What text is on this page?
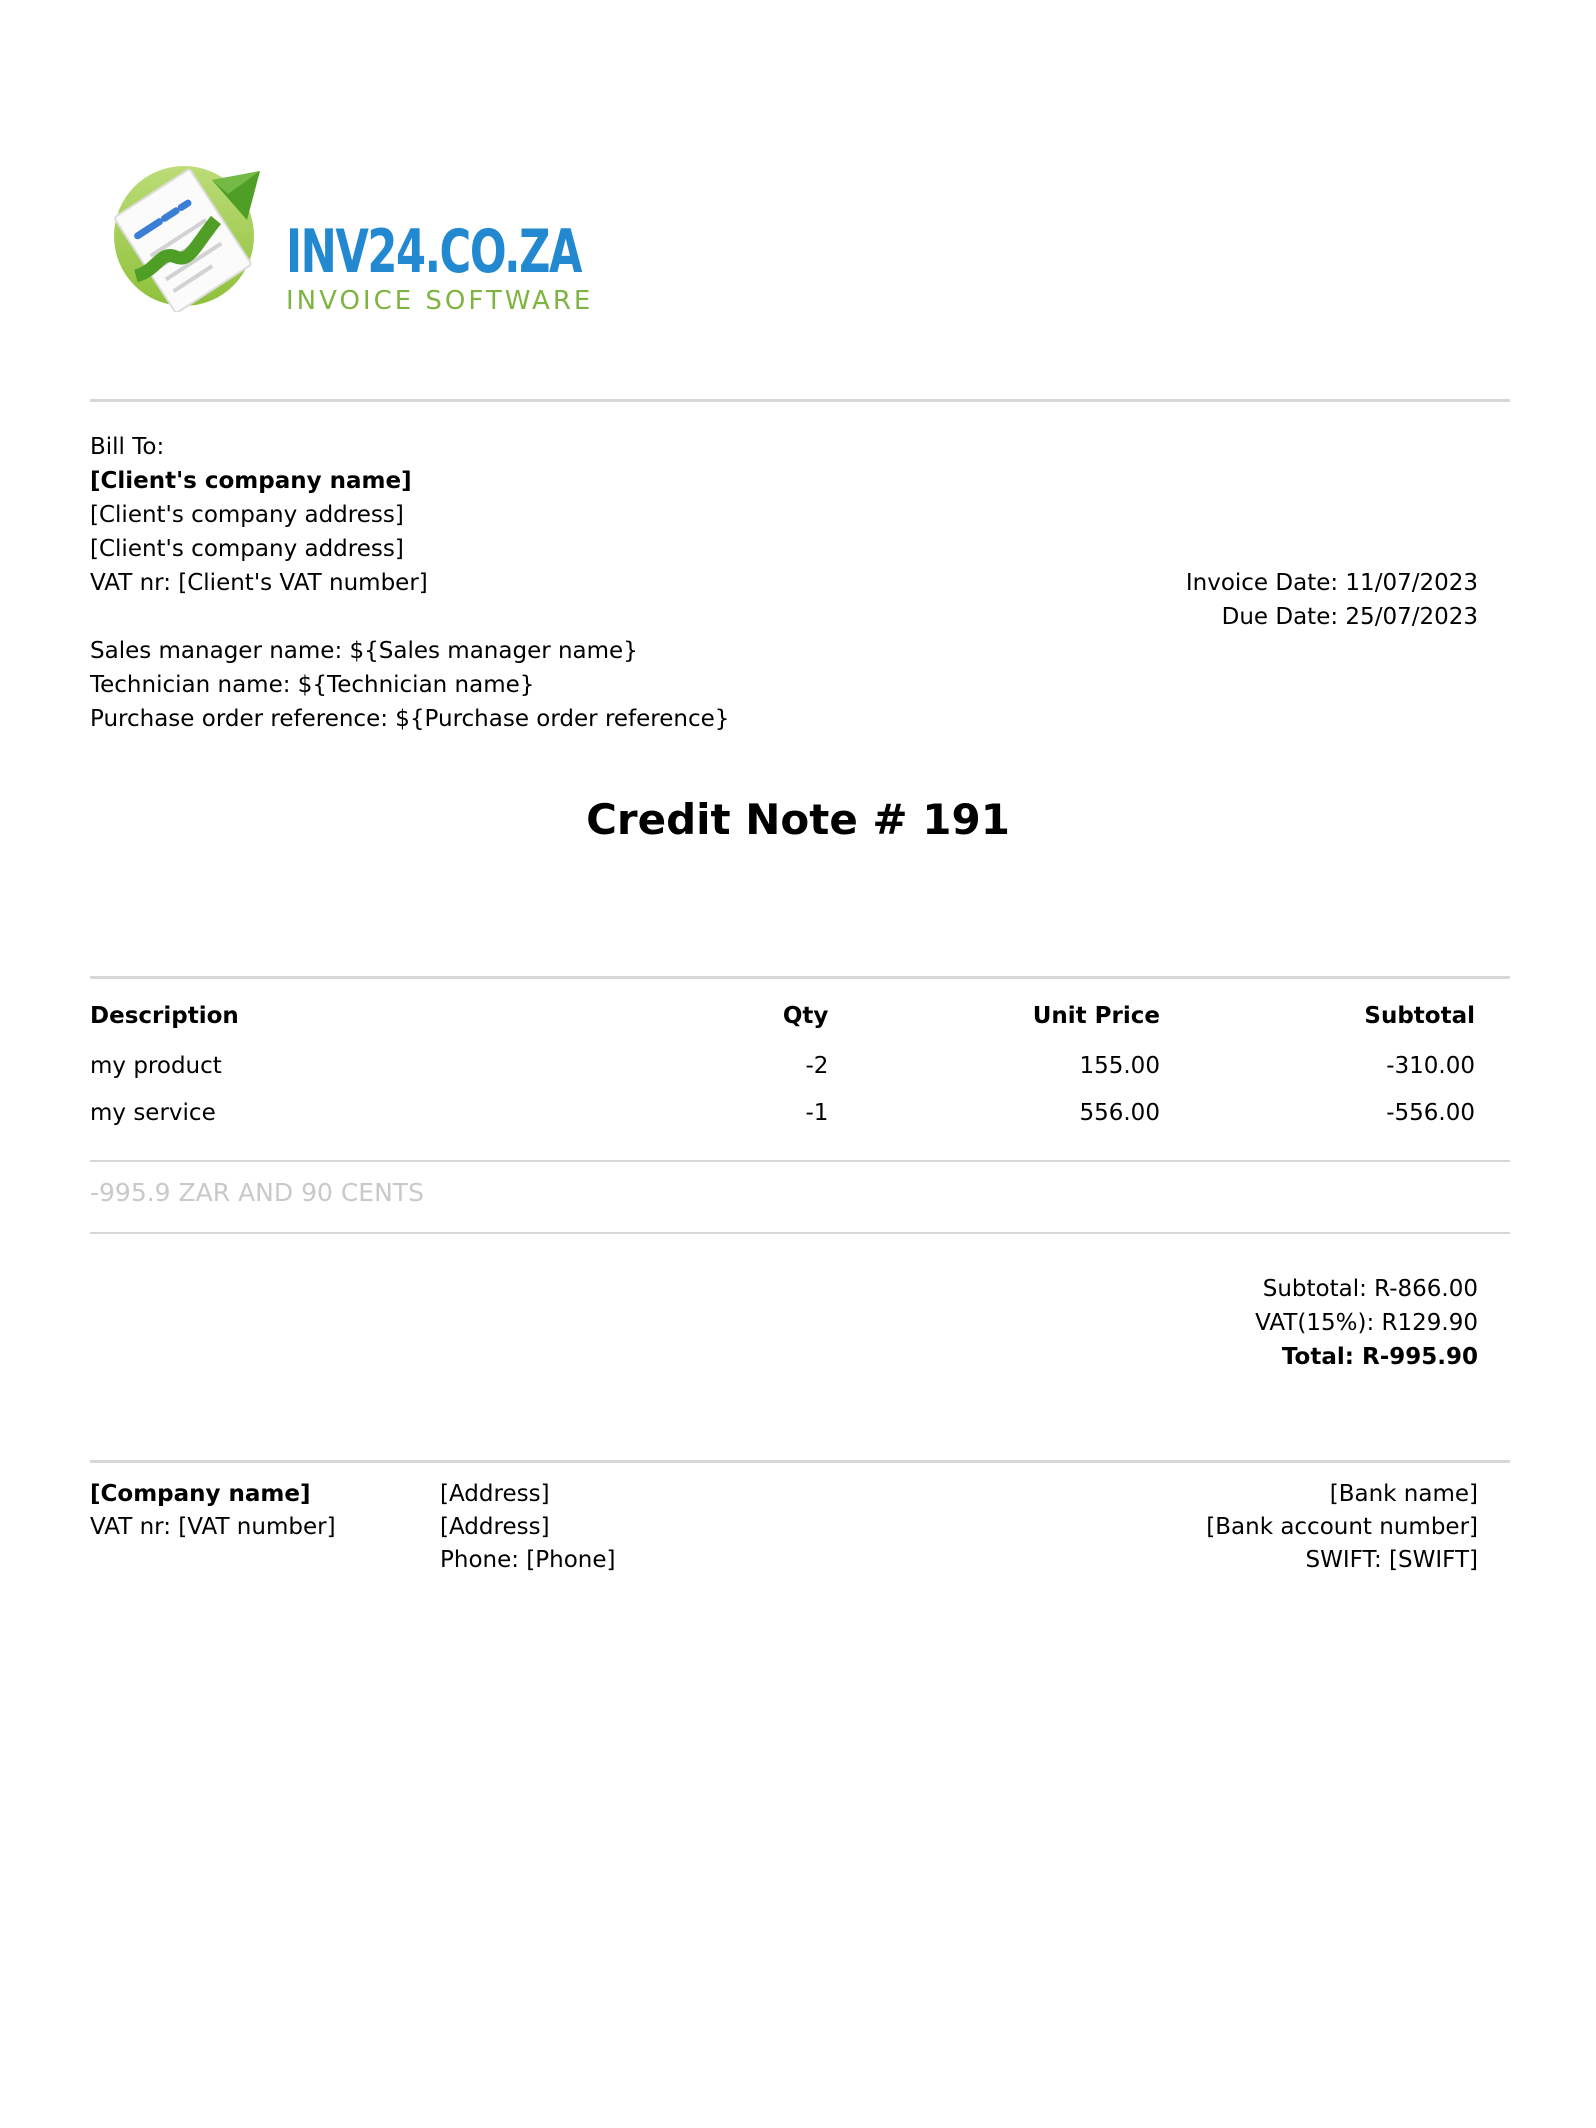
INV24.CO.ZA
INVOICE SOFTWARE
Bill To:
[Client's company name]
[Client's company address]
[Client's company address]
VAT nr: [Client's VAT number]	Invoice Date: 11/07/2023
Due Date: 25/07/2023
Sales manager name: ${Sales manager name}
Technician name: ${Technician name}
Purchase order reference: ${Purchase order reference}
Credit Note # 191
Description	Qty	Unit Price	Subtotal
my product	-2	155.00	-310.00
my service	-1	556.00	-556.00
-995.9 ZAR AND 90 CENTS
Subtotal: R-866.00
VAT(15%): R129.90
Total: R-995.90
[Company name]
VAT nr: [VAT number]
[Address]
[Address]
Phone: [Phone]
[Bank name]
[Bank account number]
SWIFT: [SWIFT]
